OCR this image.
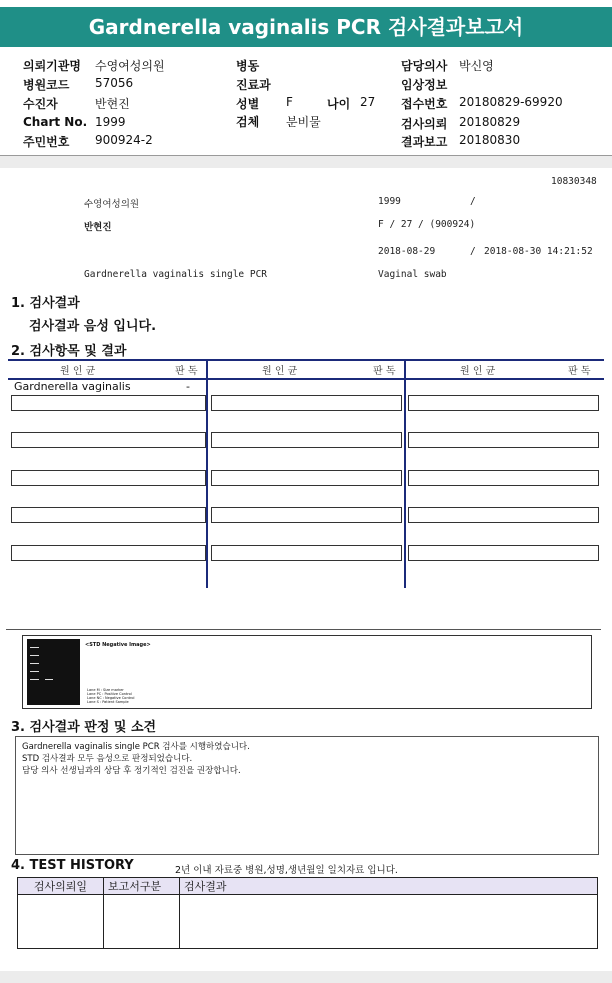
Gardnerella vaginalis PCR 검사결과보고서
의뢰기관명 수영여성의원	병동	담당의사 박신영
병원코드 57056	진료과	임상정보
수진자	반현진	성별 F	나이 27 접수번호 20180829-69920
Chart No. 1999	검체 분비물	검사의뢰 20180829
주민번호 900924-2	결과보고 20180830
10830348
수영여성의원	1999	/
반현진	F / 27 / (900924)
2018-08-29	/ 2018-08-30 14:21:52
Gardnerella vaginalis single PCR	Vaginal swab
1. 검사결과
검사결과 음성 입니다.
2. 검사항목 및 결과
원 인 균	판 독	원 인 균	판 독	원 인 균	판 독
Gardnerella vaginalis	-
<STD Negative Image>
Lane M : Size marker
Lane PC : Positive Control
Lane NC : Negative Control
Lane S : Patient Sample
3. 검사결과 판정 및 소견
Gardnerella vaginalis single PCR 검사를 시행하였습니다.
STD 검사결과 모두 음성으로 판정되었습니다.
담당 의사 선생님과의 상담 후 정기적인 검진을 권장합니다.
4. TEST HISTORY	2년 이내 자료중 병원,성명,생년월일 일치자료 입니다.
검사의뢰일	보고서구분	검사결과
